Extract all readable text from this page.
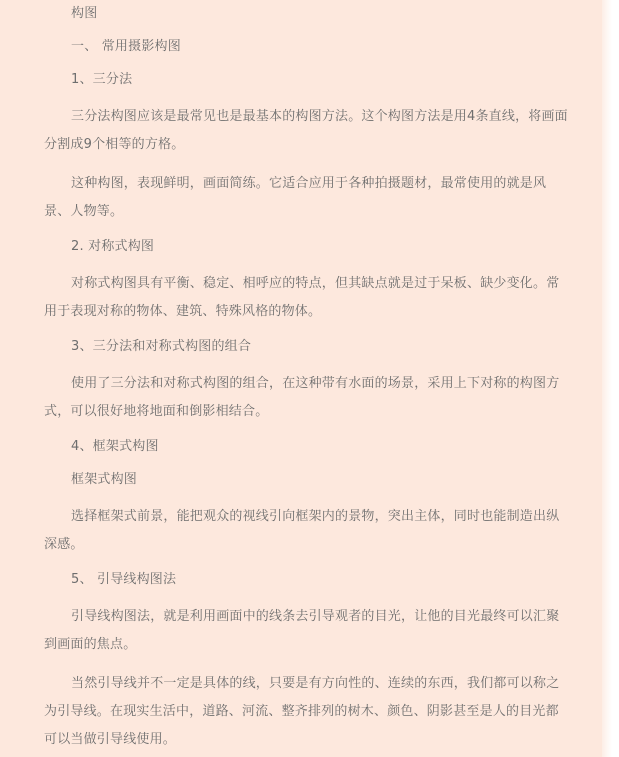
构图

一、 常用摄影构图

1、三分法

三分法构图应该是最常见也是最基本的构图方法。这个构图方法是用4条直线，将画面分割成9个相等的方格。

这种构图，表现鲜明，画面简练。它适合应用于各种拍摄题材，最常使用的就是风景、人物等。

2. 对称式构图

对称式构图具有平衡、稳定、相呼应的特点，但其缺点就是过于呆板、缺少变化。常用于表现对称的物体、建筑、特殊风格的物体。

3、三分法和对称式构图的组合

使用了三分法和对称式构图的组合，在这种带有水面的场景，采用上下对称的构图方式，可以很好地将地面和倒影相结合。

4、框架式构图

框架式构图

选择框架式前景，能把观众的视线引向框架内的景物，突出主体，同时也能制造出纵深感。

5、 引导线构图法

引导线构图法，就是利用画面中的线条去引导观者的目光，让他的目光最终可以汇聚到画面的焦点。

当然引导线并不一定是具体的线，只要是有方向性的、连续的东西，我们都可以称之为引导线。在现实生活中，道路、河流、整齐排列的树木、颜色、阴影甚至是人的目光都可以当做引导线使用。
